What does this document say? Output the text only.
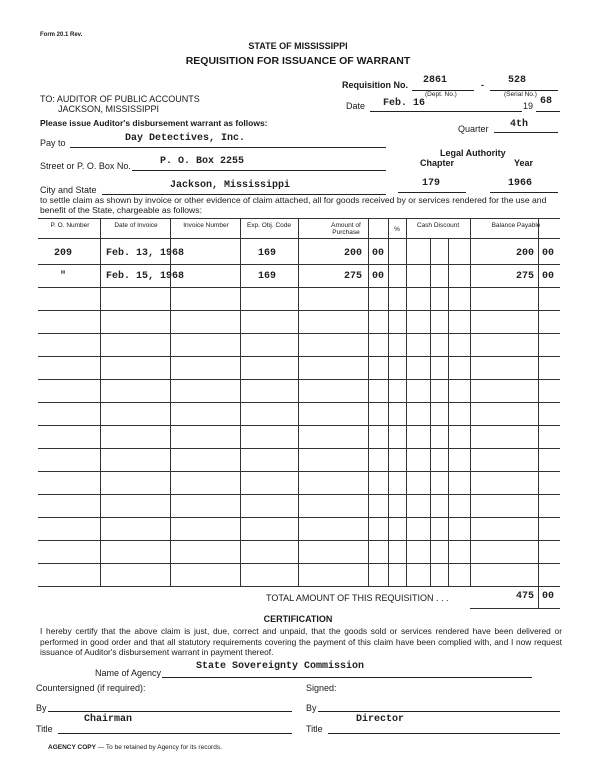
Form 20.1 Rev.
STATE OF MISSISSIPPI
REQUISITION FOR ISSUANCE OF WARRANT
Requisition No. 2861	- 528
(Dept. No.)	(Serial No.)
Date Feb. 16	19 68
TO: AUDITOR OF PUBLIC ACCOUNTS
JACKSON, MISSISSIPPI
Please issue Auditor's disbursement warrant as follows:
Quarter 4th
Pay to	Day Detectives, Inc.
Legal Authority
Chapter	Year
Street or P. O. Box No.	P. O. Box 2255
City and State	Jackson, Mississippi	179	1966
to settle claim as shown by invoice or other evidence of claim attached, all for goods received by or services rendered for the use and benefit of the State, chargeable as follows:
P. O. Number	Date of Invoice	Invoice Number	Exp. Obj. Code	Amount of Purchase	%
Cash Discount	Balance Payable
209	Feb. 13, 1968	169	200 00	200 00
"	Feb. 15, 1968	169	275 00	275 00
TOTAL AMOUNT OF THIS REQUISITION . . .	475 00
CERTIFICATION
I hereby certify that the above claim is just, due, correct and unpaid, that the goods sold or services rendered have been delivered or performed in good order and that all statutory requirements covering the payment of this claim have been complied with, and I now request issuance of Auditor's disbursement warrant in payment thereof.
Name of Agency
State Sovereignty Commission
Countersigned (if required):	Signed:
By	By
Title
Chairman
Title
Director
AGENCY COPY — To be retained by Agency for its records.
